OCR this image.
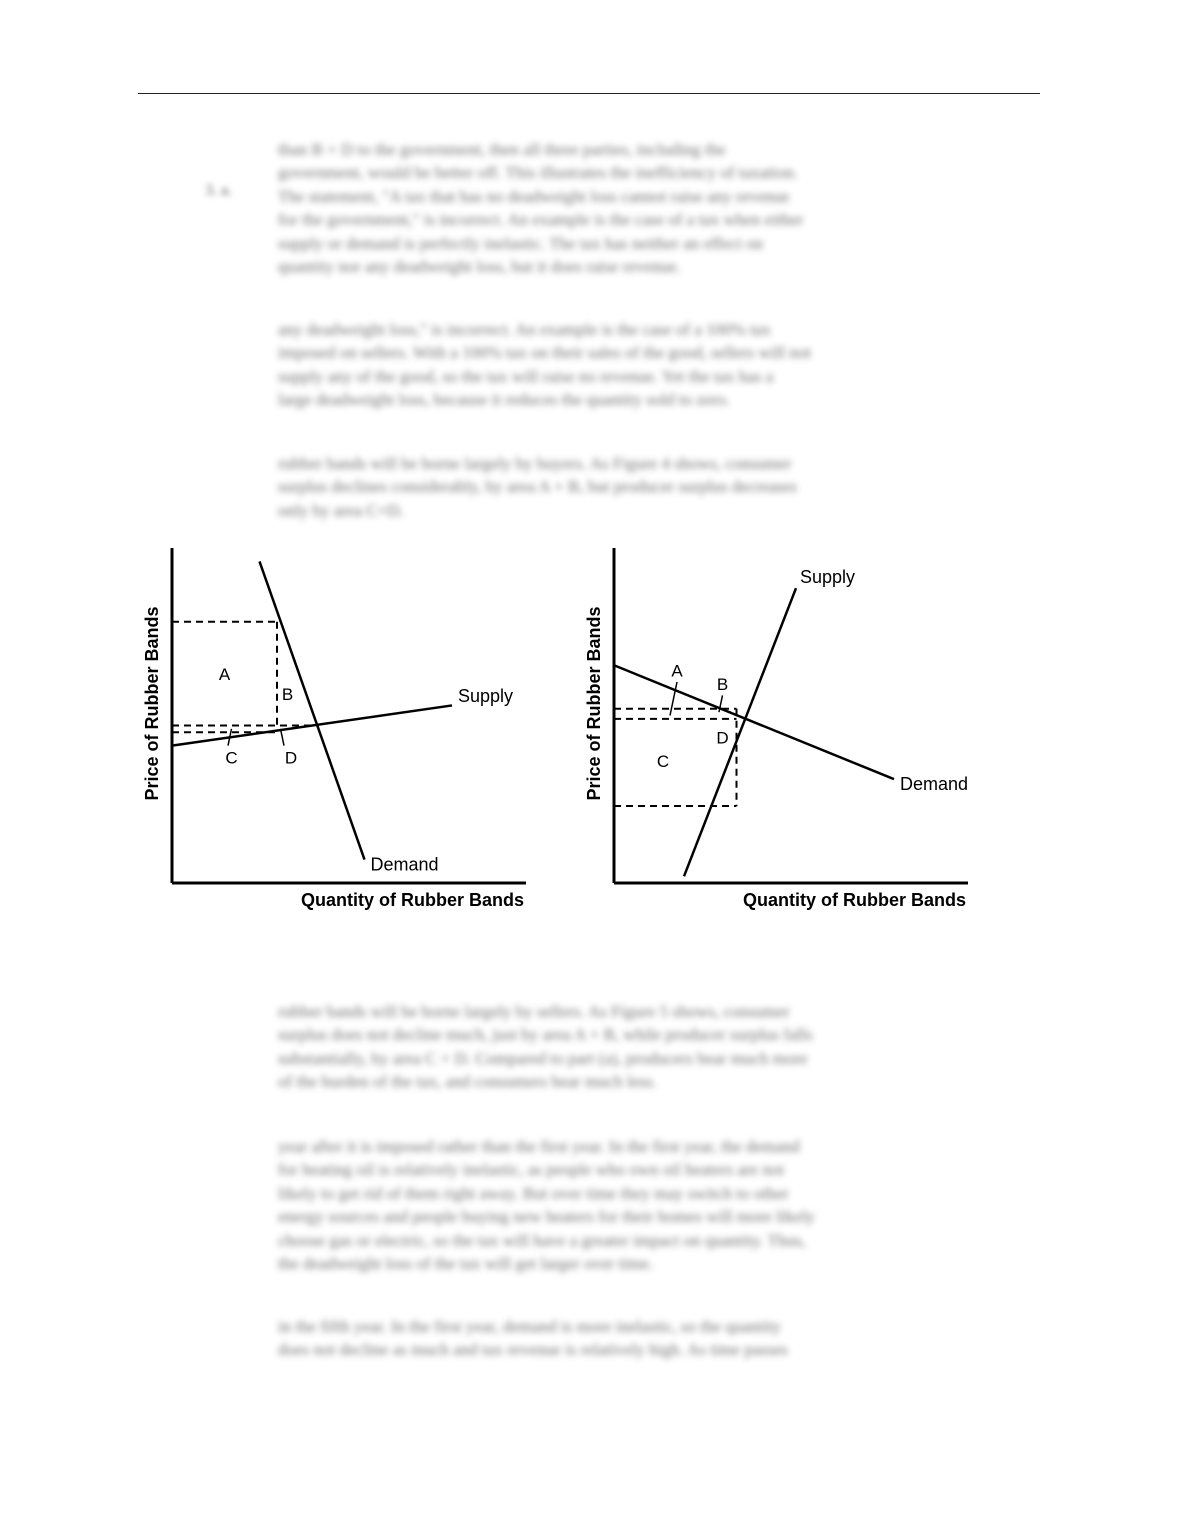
3. a.

than B + D to the government, then all three parties, including the

government, would be better off. This illustrates the inefficiency of taxation.

The statement, "A tax that has no deadweight loss cannot raise any revenue

for the government," is incorrect. An example is the case of a tax when either

supply or demand is perfectly inelastic. The tax has neither an effect on

quantity nor any deadweight loss, but it does raise revenue.

any deadweight loss," is incorrect. An example is the case of a 100% tax

imposed on sellers. With a 100% tax on their sales of the good, sellers will not

supply any of the good, so the tax will raise no revenue. Yet the tax has a

large deadweight loss, because it reduces the quantity sold to zero.

rubber bands will be borne largely by buyers. As Figure 4 shows, consumer

surplus declines considerably, by area A + B, but producer surplus decreases

only by area C+D.

Price of Rubber Bands
Quantity of Rubber Bands
Supply
Demand
A
B
C	D	Price of Rubber Bands
Quantity of Rubber Bands
Supply
Demand
A
B
C
D

rubber bands will be borne largely by sellers. As Figure 5 shows, consumer

surplus does not decline much, just by area A + B, while producer surplus falls

substantially, by area C + D. Compared to part (a), producers bear much more

of the burden of the tax, and consumers bear much less.

year after it is imposed rather than the first year. In the first year, the demand

for heating oil is relatively inelastic, as people who own oil heaters are not

likely to get rid of them right away. But over time they may switch to other

energy sources and people buying new heaters for their homes will more likely

choose gas or electric, so the tax will have a greater impact on quantity. Thus,

the deadweight loss of the tax will get larger over time.

in the fifth year. In the first year, demand is more inelastic, so the quantity

does not decline as much and tax revenue is relatively high. As time passes
